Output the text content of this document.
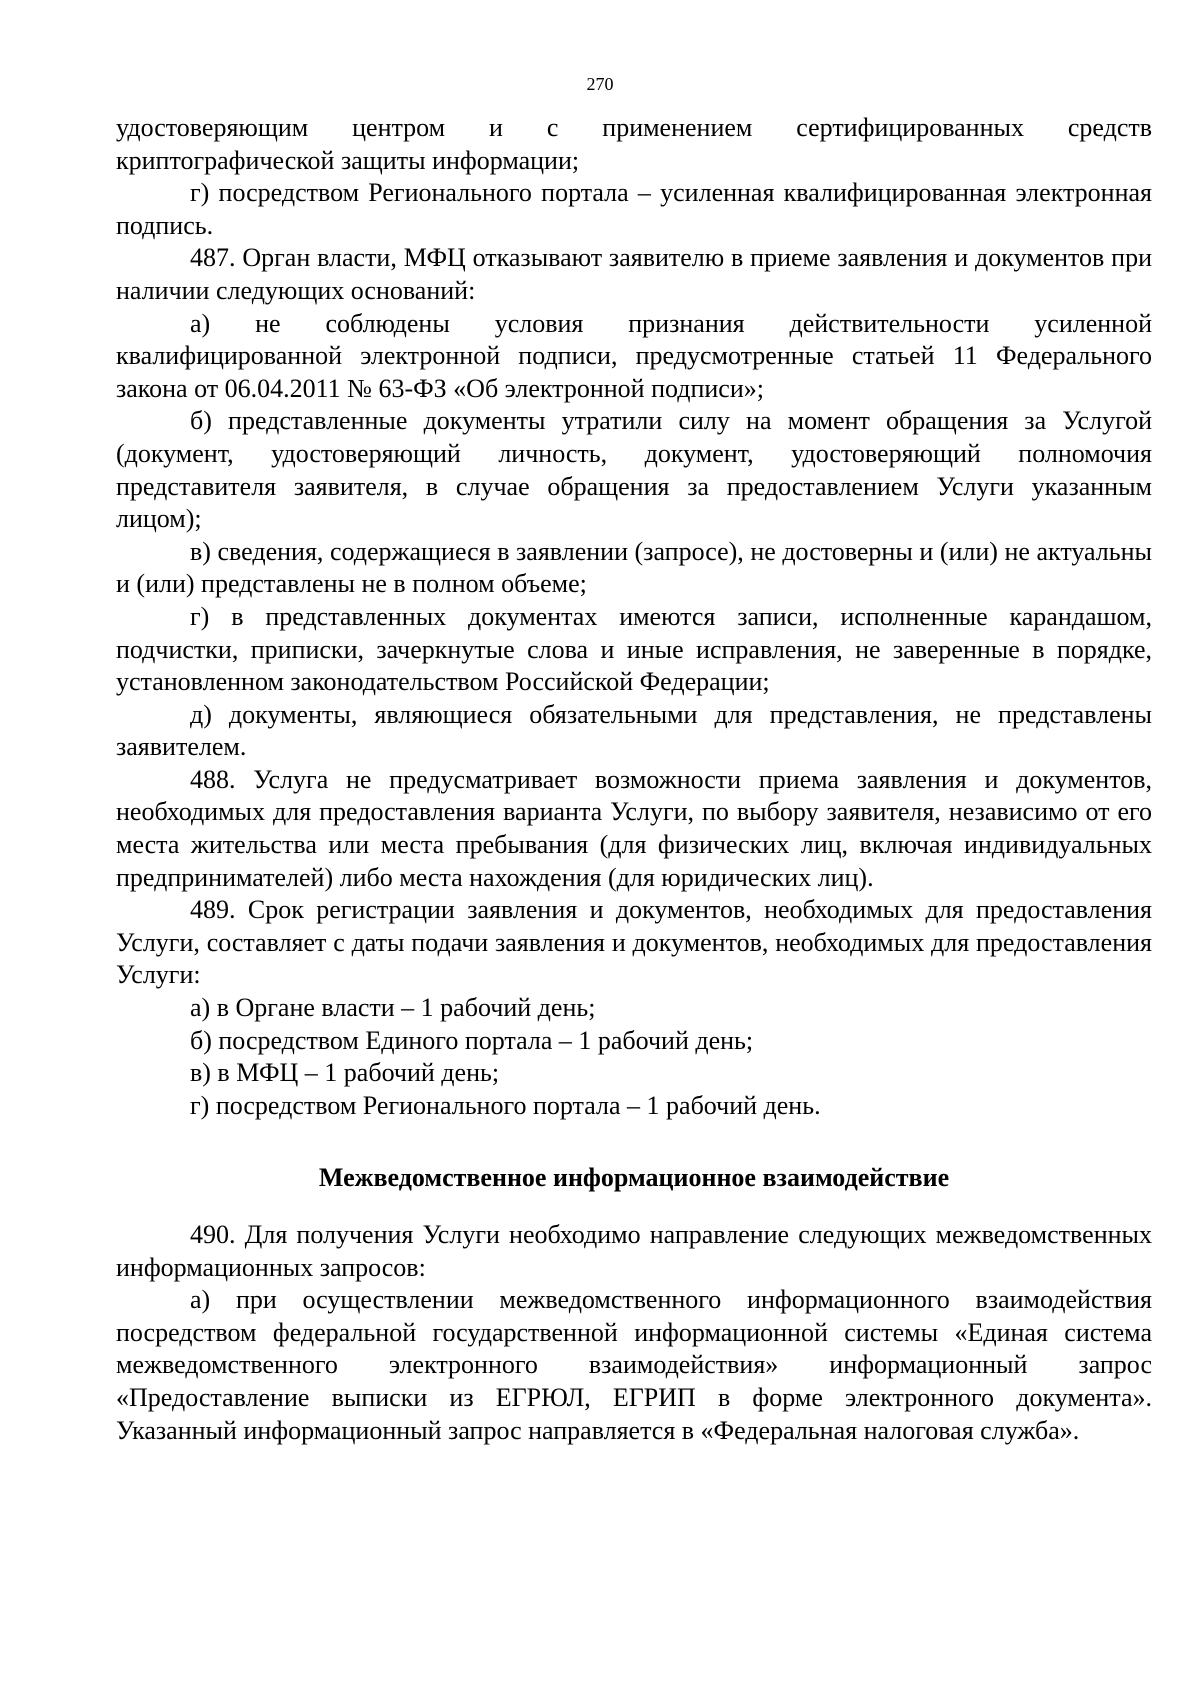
270

удостоверяющим центром и с применением сертифицированных средств криптографической защиты информации;

г) посредством Регионального портала – усиленная квалифицированная электронная подпись.

487. Орган власти, МФЦ отказывают заявителю в приеме заявления и документов при наличии следующих оснований:

а) не соблюдены условия признания действительности усиленной квалифицированной электронной подписи, предусмотренные статьей 11 Федерального закона от 06.04.2011 № 63-ФЗ «Об электронной подписи»;

б) представленные документы утратили силу на момент обращения за Услугой (документ, удостоверяющий личность, документ, удостоверяющий полномочия представителя заявителя, в случае обращения за предоставлением Услуги указанным лицом);

в) сведения, содержащиеся в заявлении (запросе), не достоверны и (или) не актуальны и (или) представлены не в полном объеме;

г) в представленных документах имеются записи, исполненные карандашом, подчистки, приписки, зачеркнутые слова и иные исправления, не заверенные в порядке, установленном законодательством Российской Федерации;

д) документы, являющиеся обязательными для представления, не представлены заявителем.

488. Услуга не предусматривает возможности приема заявления и документов, необходимых для предоставления варианта Услуги, по выбору заявителя, независимо от его места жительства или места пребывания (для физических лиц, включая индивидуальных предпринимателей) либо места нахождения (для юридических лиц).

489. Срок регистрации заявления и документов, необходимых для предоставления Услуги, составляет с даты подачи заявления и документов, необходимых для предоставления Услуги:

а) в Органе власти – 1 рабочий день;

б) посредством Единого портала – 1 рабочий день;

в) в МФЦ – 1 рабочий день;

г) посредством Регионального портала – 1 рабочий день.

Межведомственное информационное взаимодействие

490. Для получения Услуги необходимо направление следующих межведомственных информационных запросов:

а) при осуществлении межведомственного информационного взаимодействия посредством федеральной государственной информационной системы «Единая система межведомственного электронного взаимодействия» информационный запрос «Предоставление выписки из ЕГРЮЛ, ЕГРИП в форме электронного документа». Указанный информационный запрос направляется в «Федеральная налоговая служба».
